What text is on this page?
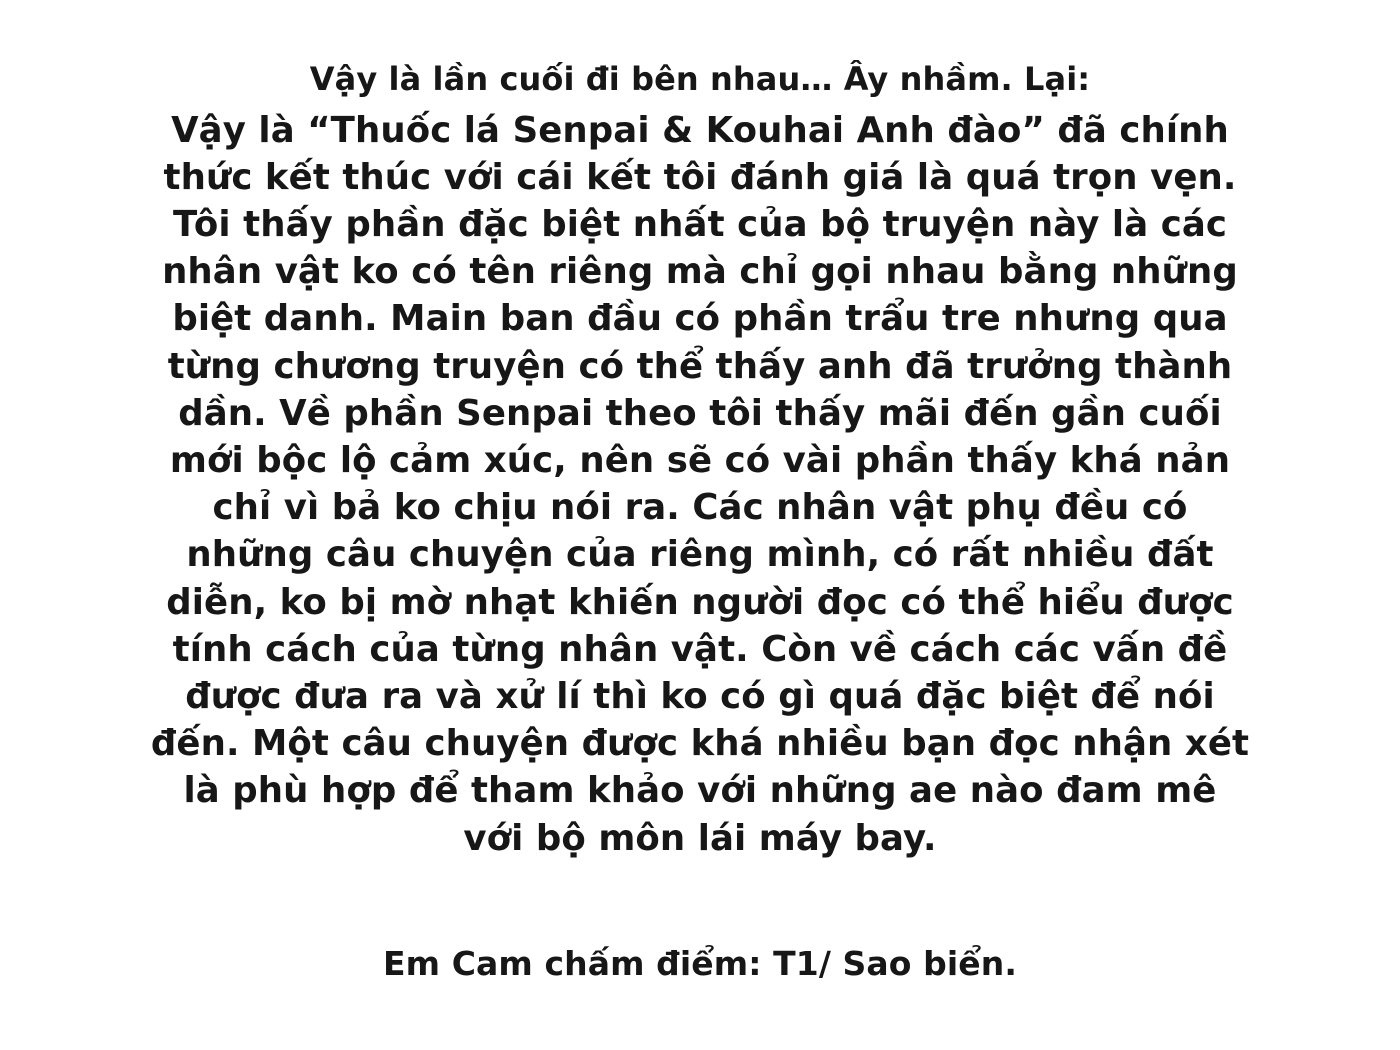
Vậy là lần cuối đi bên nhau… Ây nhầm. Lại:

Vậy là “Thuốc lá Senpai & Kouhai Anh đào” đã chính thức kết thúc với cái kết tôi đánh giá là quá trọn vẹn. Tôi thấy phần đặc biệt nhất của bộ truyện này là các nhân vật ko có tên riêng mà chỉ gọi nhau bằng những biệt danh. Main ban đầu có phần trẩu tre nhưng qua từng chương truyện có thể thấy anh đã trưởng thành dần. Về phần Senpai theo tôi thấy mãi đến gần cuối mới bộc lộ cảm xúc, nên sẽ có vài phần thấy khá nản chỉ vì bả ko chịu nói ra. Các nhân vật phụ đều có những câu chuyện của riêng mình, có rất nhiều đất diễn, ko bị mờ nhạt khiến người đọc có thể hiểu được tính cách của từng nhân vật. Còn về cách các vấn đề được đưa ra và xử lí thì ko có gì quá đặc biệt để nói đến. Một câu chuyện được khá nhiều bạn đọc nhận xét là phù hợp để tham khảo với những ae nào đam mê với bộ môn lái máy bay.

Em Cam chấm điểm: T1/ Sao biển.
